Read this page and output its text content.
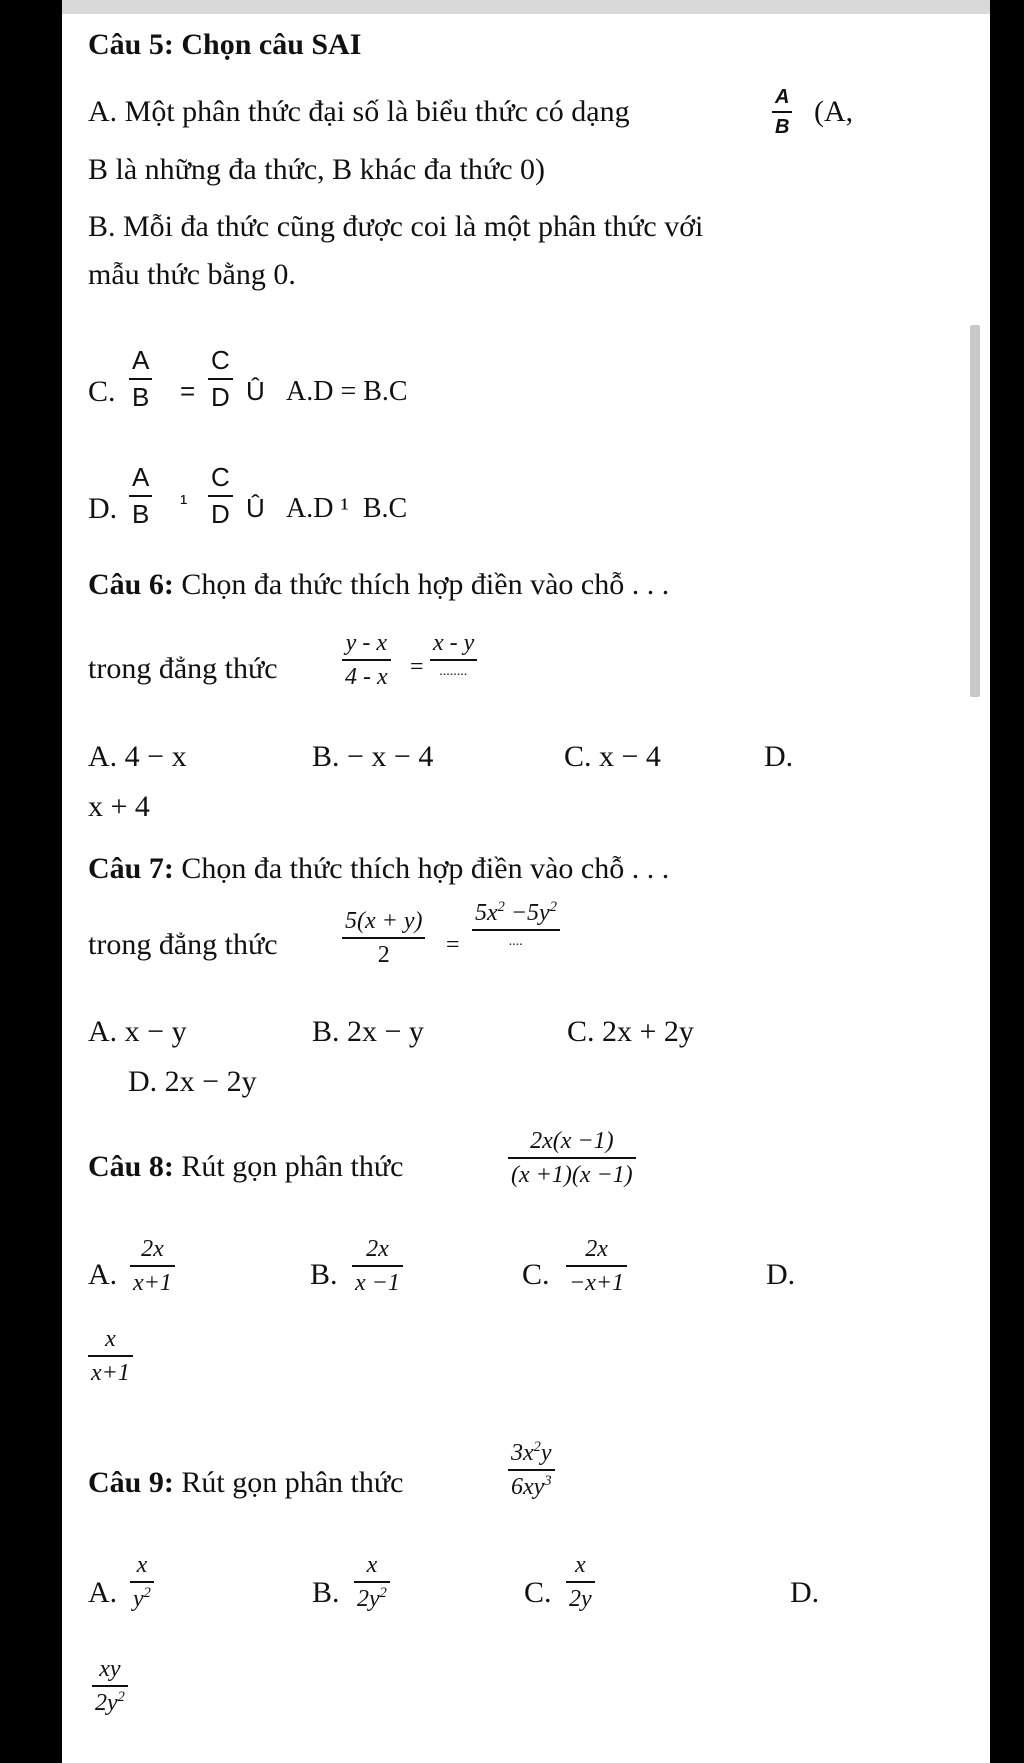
Câu 5: Chọn câu SAI
A. Một phân thức đại số là biểu thức có dạng	A
B (A,
B là những đa thức, B khác đa thức 0)
B. Mỗi đa thức cũng được coi là một phân thức với
mẫu thức bằng 0.
C.
A
B =
C
D Û A.D = B.C
D.
A
B ¹
C
D Û A.D ¹  B.C
Câu 6: Chọn đa thức thích hợp điền vào chỗ . . .
trong đẳng thức
y - x
4 - x =
x - y
........
A. 4 − x	B. − x − 4	C. x − 4	D.
x + 4
Câu 7: Chọn đa thức thích hợp điền vào chỗ . . .
trong đẳng thức
5(x + y)
2 =
$5x^2 -5y^2$
....
A. x − y	B. 2x − y	C. 2x + 2y
D. 2x − 2y
Câu 8: Rút gọn phân thức
2x(x −1)
(x +1)(x −1)
A.
2x
x+1	B.
2x
x −1	C.
2x
−x+1	D.
x
x+1
Câu 9: Rút gọn phân thức
$3x^2y$
$6xy^3$
A.
x
$y^2$	B.
x
$2y^2$	C.
x
2y	D.
xy
$2y^2$
